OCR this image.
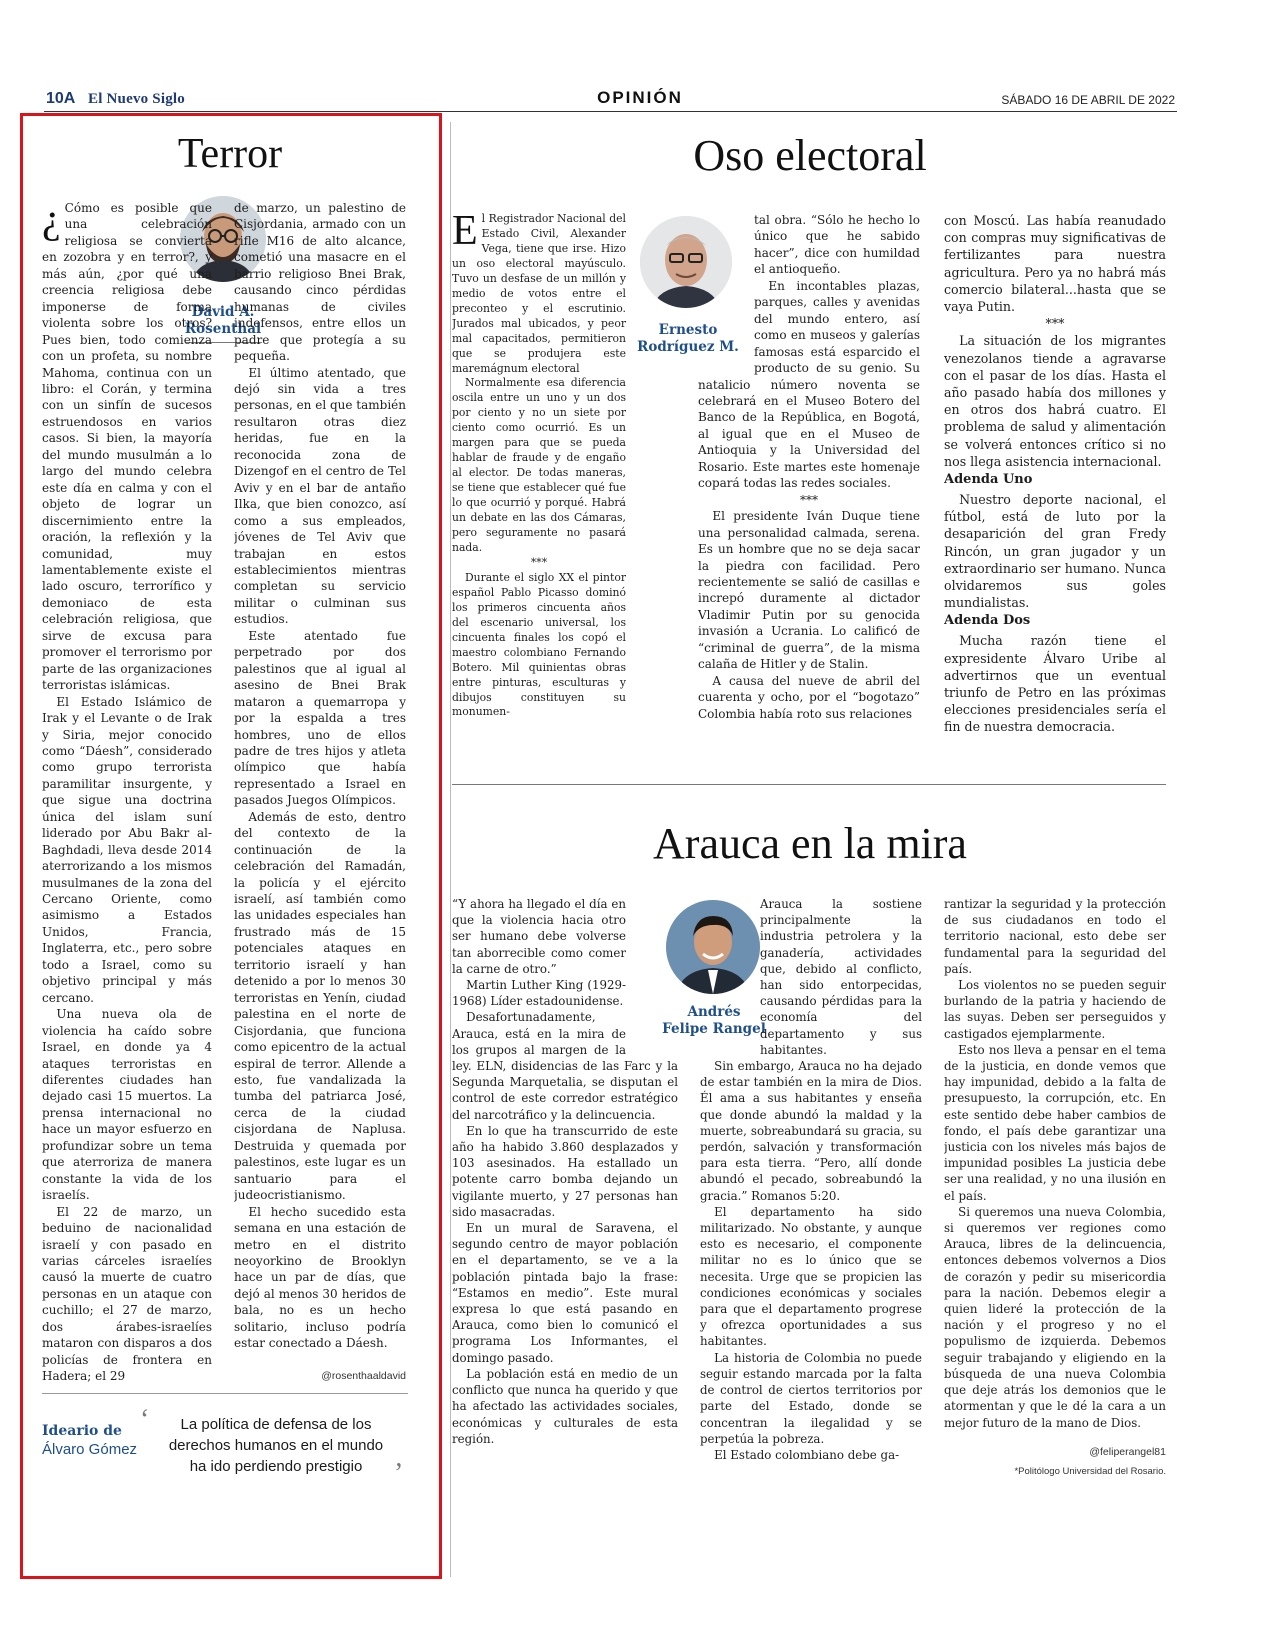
10A El Nuevo Siglo	OPINIÓN	SÁBADO 16 DE ABRIL DE 2022
Terror
David A.
Rosenthal
¿ Cómo es posible que una celebración religiosa se convierta en zozobra y en terror?, y más aún, ¿por qué una creencia religiosa debe imponerse de forma violenta sobre los otros? Pues bien, todo comienza con un profeta, su nombre Mahoma, continua con un libro: el Corán, y termina con un sinfín de sucesos estruendosos en varios casos. Si bien, la mayoría del mundo musulmán a lo largo del mundo celebra este día en calma y con el objeto de lograr un discernimiento entre la oración, la reflexión y la comunidad, muy lamentablemente existe el lado oscuro, terrorífico y demoniaco de esta celebración religiosa, que sirve de excusa para promover el terrorismo por parte de las organizaciones terroristas islámicas.

El Estado Islámico de Irak y el Levante o de Irak y Siria, mejor conocido como “Dáesh”, considerado como grupo terrorista paramilitar insurgente, y que sigue una doctrina única del islam suní liderado por Abu Bakr al-Baghdadi, lleva desde 2014 aterrorizando a los mismos musulmanes de la zona del Cercano Oriente, como asimismo a Estados Unidos, Francia, Inglaterra, etc., pero sobre todo a Israel, como su objetivo principal y más cercano.

Una nueva ola de violencia ha caído sobre Israel, en donde ya 4 ataques terroristas en diferentes ciudades han dejado casi 15 muertos. La prensa internacional no hace un mayor esfuerzo en profundizar sobre un tema que aterroriza de manera constante la vida de los israelís.

El 22 de marzo, un beduino de nacionalidad israelí y con pasado en varias cárceles israelíes causó la muerte de cuatro personas en un ataque con cuchillo; el 27 de marzo, dos árabes-israelíes mataron con disparos a dos policías de frontera en Hadera; el 29

de marzo, un palestino de Cisjordania, armado con un rifle M16 de alto alcance, cometió una masacre en el barrio religioso Bnei Brak, causando cinco pérdidas humanas de civiles indefensos, entre ellos un padre que protegía a su pequeña.

El último atentado, que dejó sin vida a tres personas, en el que también resultaron otras diez heridas, fue en la reconocida zona de Dizengof en el centro de Tel Aviv y en el bar de antaño Ilka, que bien conozco, así como a sus empleados, jóvenes de Tel Aviv que trabajan en estos establecimientos mientras completan su servicio militar o culminan sus estudios.

Este atentado fue perpetrado por dos palestinos que al igual al asesino de Bnei Brak mataron a quemarropa y por la espalda a tres hombres, uno de ellos padre de tres hijos y atleta olímpico que había representado a Israel en pasados Juegos Olímpicos.

Además de esto, dentro del contexto de la continuación de la celebración del Ramadán, la policía y el ejército israelí, así también como las unidades especiales han frustrado más de 15 potenciales ataques en territorio israelí y han detenido a por lo menos 30 terroristas en Yenín, ciudad palestina en el norte de Cisjordania, que funciona como epicentro de la actual espiral de terror. Allende a esto, fue vandalizada la tumba del patriarca José, cerca de la ciudad cisjordana de Naplusa. Destruida y quemada por palestinos, este lugar es un santuario para el judeocristianismo.

El hecho sucedido esta semana en una estación de metro en el distrito neoyorkino de Brooklyn hace un par de días, que dejó al menos 30 heridos de bala, no es un hecho solitario, incluso podría estar conectado a Dáesh.

@rosenthaaldavid
Ideario de
Álvaro Gómez
‘	La política de defensa de los derechos humanos en el mundo ha ido perdiendo prestigio	’
Oso electoral
Ernesto
Rodríguez M.
E l Registrador Nacional del Estado Civil, Alexander Vega, tiene que irse. Hizo un oso electoral mayúsculo. Tuvo un desfase de un millón y medio de votos entre el preconteo y el escrutinio. Jurados mal ubicados, y peor mal capacitados, permitieron que se produjera este maremágnum electoral

Normalmente esa diferencia oscila entre un uno y un dos por ciento y no un siete por ciento como ocurrió. Es un margen para que se pueda hablar de fraude y de engaño al elector. De todas maneras, se tiene que establecer qué fue lo que ocurrió y porqué. Habrá un debate en las dos Cámaras, pero seguramente no pasará nada.

***

Durante el siglo XX el pintor español Pablo Picasso dominó los primeros cincuenta años del escenario universal, los cincuenta finales los copó el maestro colombiano Fernando Botero. Mil quinientas obras entre pinturas, esculturas y dibujos constituyen su monumen-

tal obra. “Sólo he hecho lo único que he sabido hacer”, dice con humildad el antioqueño.

En incontables plazas, parques, calles y avenidas del mundo entero, así como en museos y galerías famosas está esparcido el producto de su genio. Su natalicio número noventa se celebrará en el Museo Botero del Banco de la República, en Bogotá, al igual que en el Museo de Antioquia y la Universidad del Rosario. Este martes este homenaje copará todas las redes sociales.

***

El presidente Iván Duque tiene una personalidad calmada, serena. Es un hombre que no se deja sacar la piedra con facilidad. Pero recientemente se salió de casillas e increpó duramente al dictador Vladimir Putin por su genocida invasión a Ucrania. Lo calificó de “criminal de guerra”, de la misma calaña de Hitler y de Stalin.

A causa del nueve de abril del cuarenta y ocho, por el “bogotazo” Colombia había roto sus relaciones

con Moscú. Las había reanudado con compras muy significativas de fertilizantes para nuestra agricultura. Pero ya no habrá más comercio bilateral...hasta que se vaya Putin.

***

La situación de los migrantes venezolanos tiende a agravarse con el pasar de los días. Hasta el año pasado había dos millones y en otros dos habrá cuatro. El problema de salud y alimentación se volverá entonces crítico si no nos llega asistencia internacional.

Adenda Uno

Nuestro deporte nacional, el fútbol, está de luto por la desaparición del gran Fredy Rincón, un gran jugador y un extraordinario ser humano. Nunca olvidaremos sus goles mundialistas.

Adenda Dos

Mucha razón tiene el expresidente Álvaro Uribe al advertirnos que un eventual triunfo de Petro en las próximas elecciones presidenciales sería el fin de nuestra democracia.

Arauca en la mira
Andrés
Felipe Rangel

“Y ahora ha llegado el día en que la violencia hacia otro ser humano debe volverse tan aborrecible como comer la carne de otro.”

Martin Luther King (1929-1968) Líder estadounidense.

Desafortunadamente, Arauca, está en la mira de los grupos al margen de la ley. ELN, disidencias de las Farc y la Segunda Marquetalia, se disputan el control de este corredor estratégico del narcotráfico y la delincuencia.

En lo que ha transcurrido de este año ha habido 3.860 desplazados y 103 asesinados. Ha estallado un potente carro bomba dejando un vigilante muerto, y 27 personas han sido masacradas.

En un mural de Saravena, el segundo centro de mayor población en el departamento, se ve a la población pintada bajo la frase: “Estamos en medio”. Este mural expresa lo que está pasando en Arauca, como bien lo comunicó el programa Los Informantes, el domingo pasado.

La población está en medio de un conflicto que nunca ha querido y que ha afectado las actividades sociales, económicas y culturales de esta región.

Arauca la sostiene principalmente la industria petrolera y la ganadería, actividades que, debido al conflicto, han sido entorpecidas, causando pérdidas para la economía del departamento y sus habitantes.

Sin embargo, Arauca no ha dejado de estar también en la mira de Dios. Él ama a sus habitantes y enseña que donde abundó la maldad y la muerte, sobreabundará su gracia, su perdón, salvación y transformación para esta tierra. “Pero, allí donde abundó el pecado, sobreabundó la gracia.” Romanos 5:20.

El departamento ha sido militarizado. No obstante, y aunque esto es necesario, el componente militar no es lo único que se necesita. Urge que se propicien las condiciones económicas y sociales para que el departamento progrese y ofrezca oportunidades a sus habitantes.

La historia de Colombia no puede seguir estando marcada por la falta de control de ciertos territorios por parte del Estado, donde se concentran la ilegalidad y se perpetúa la pobreza.

El Estado colombiano debe ga-

rantizar la seguridad y la protección de sus ciudadanos en todo el territorio nacional, esto debe ser fundamental para la seguridad del país.

Los violentos no se pueden seguir burlando de la patria y haciendo de las suyas. Deben ser perseguidos y castigados ejemplarmente.

Esto nos lleva a pensar en el tema de la justicia, en donde vemos que hay impunidad, debido a la falta de presupuesto, la corrupción, etc. En este sentido debe haber cambios de fondo, el país debe garantizar una justicia con los niveles más bajos de impunidad posibles La justicia debe ser una realidad, y no una ilusión en el país.

Si queremos una nueva Colombia, si queremos ver regiones como Arauca, libres de la delincuencia, entonces debemos volvernos a Dios de corazón y pedir su misericordia para la nación. Debemos elegir a quien lideré la protección de la nación y el progreso y no el populismo de izquierda. Debemos seguir trabajando y eligiendo en la búsqueda de una nueva Colombia que deje atrás los demonios que le atormentan y que le dé la cara a un mejor futuro de la mano de Dios.

@feliperangel81
*Politólogo Universidad del Rosario.
